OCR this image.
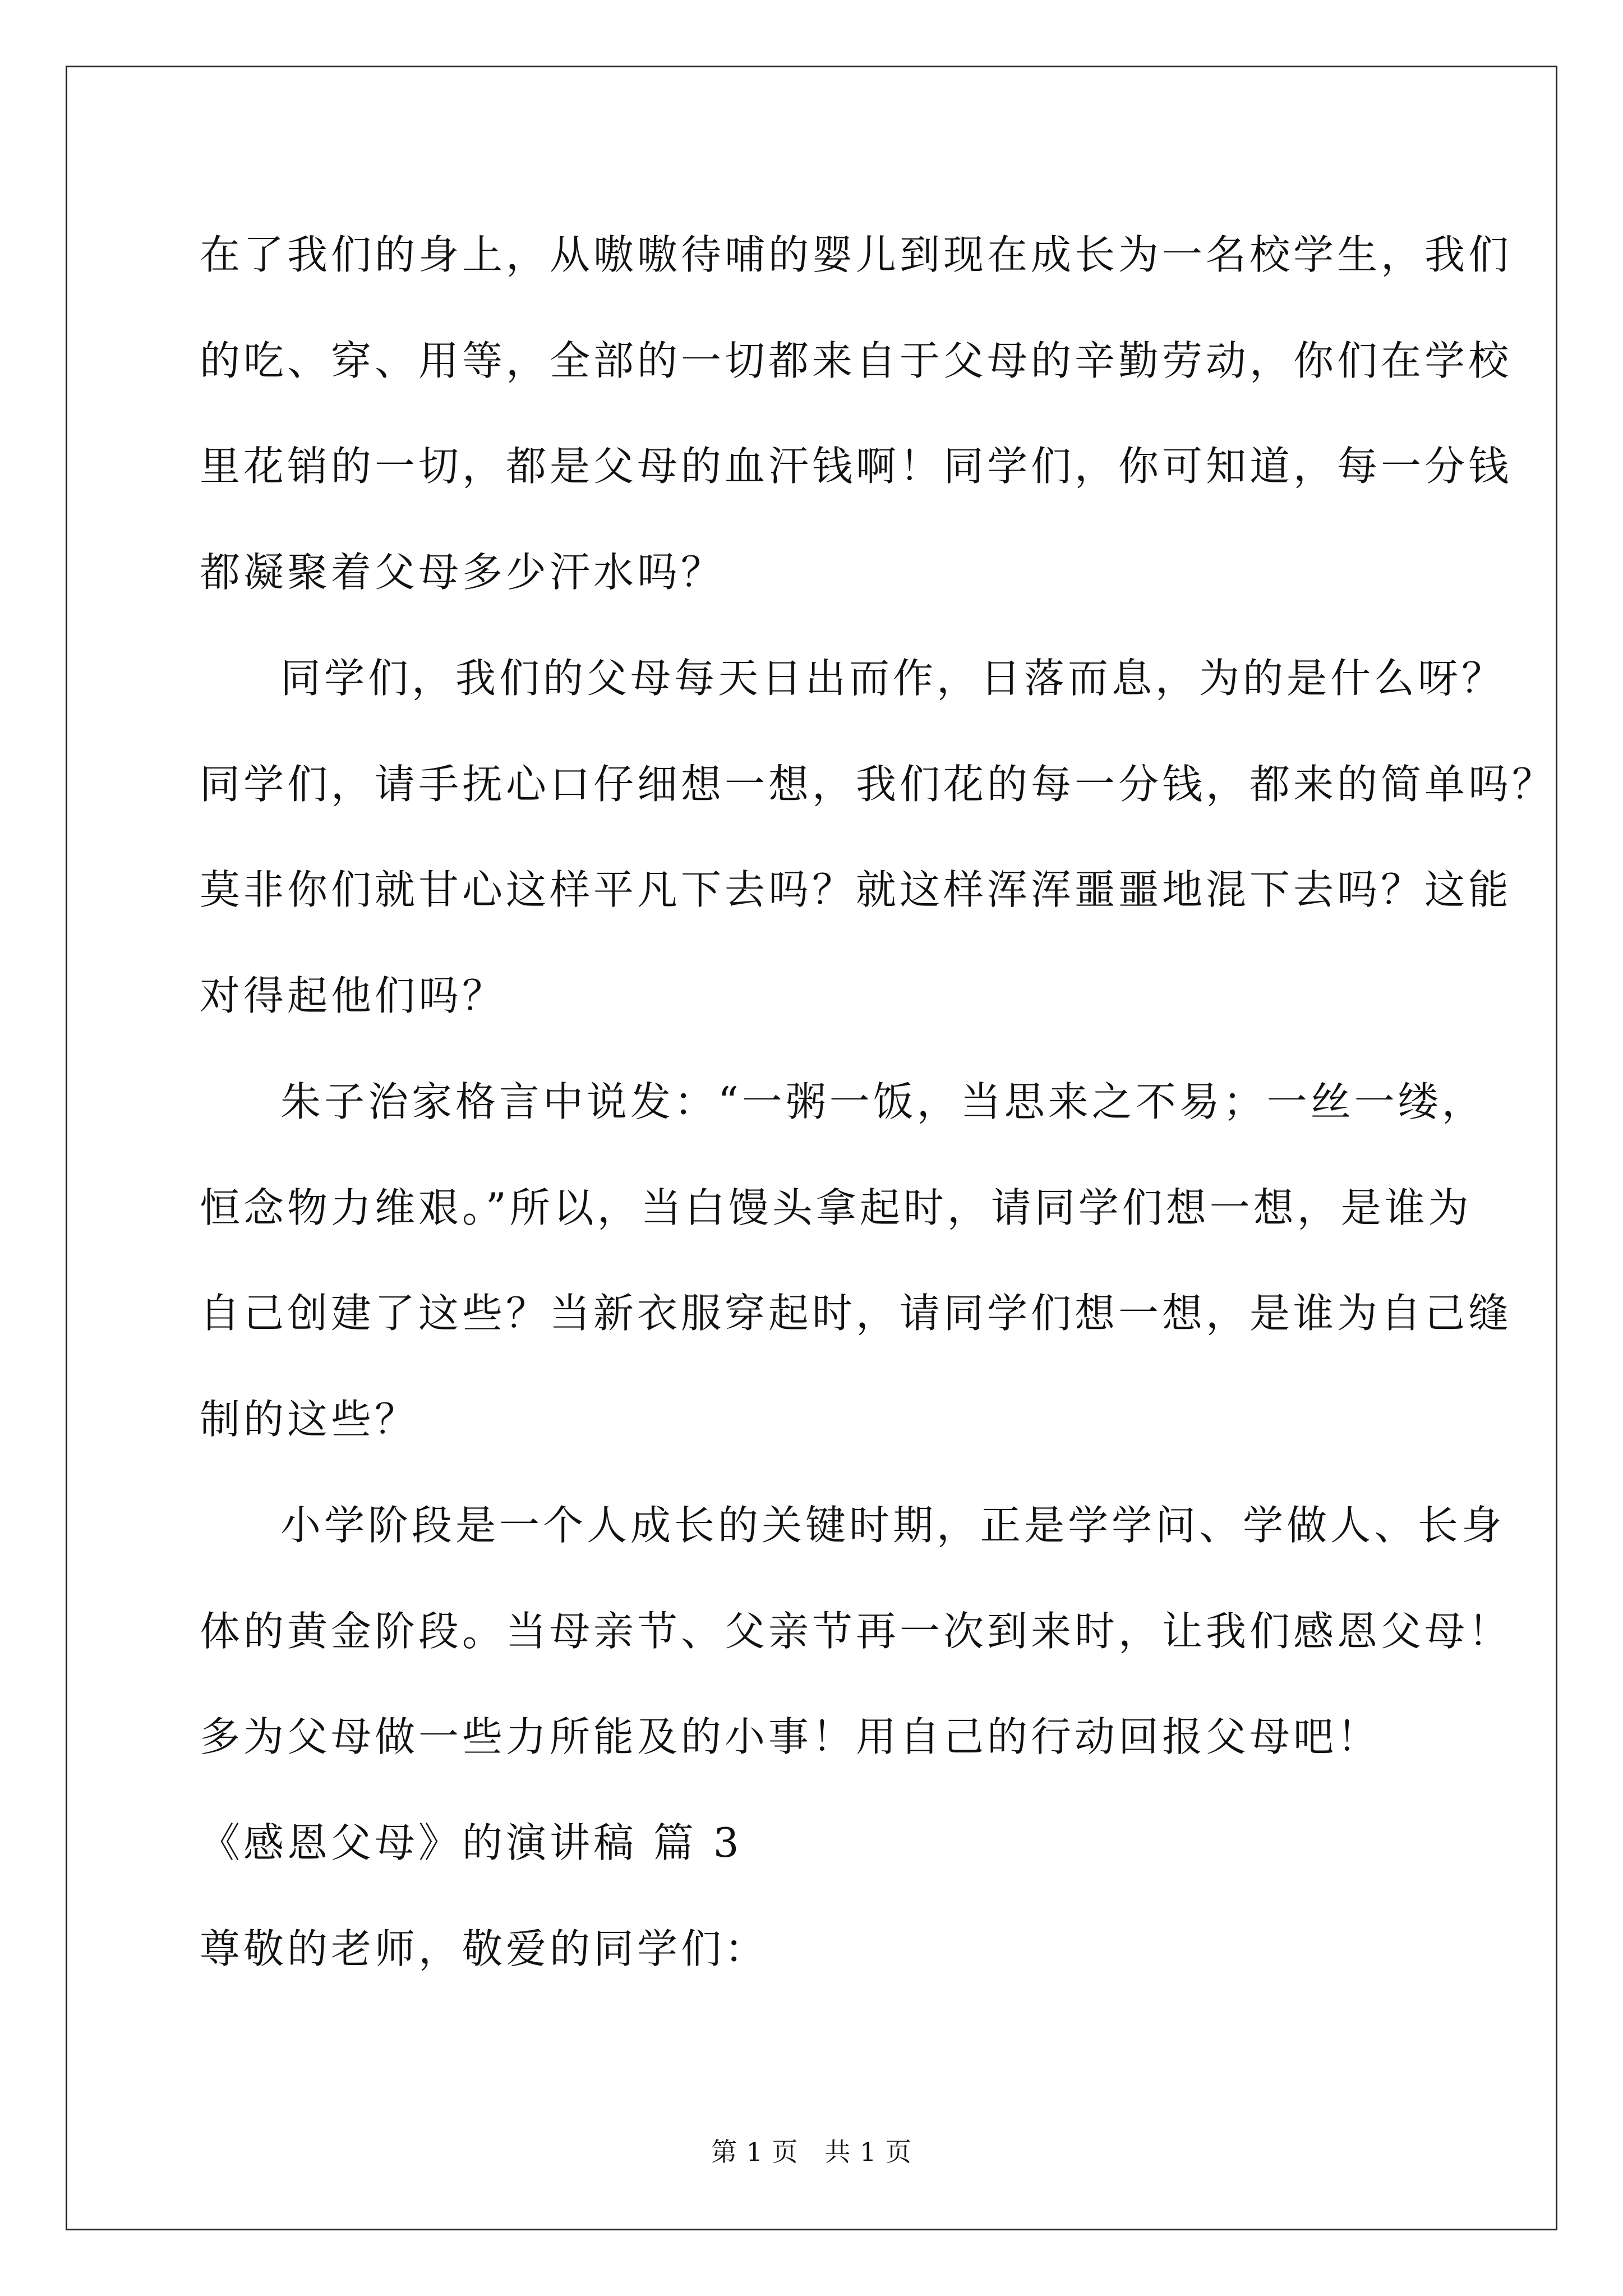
在了我们的身上，从嗷嗷待哺的婴儿到现在成长为一名校学生，我们
的吃、穿、用等，全部的一切都来自于父母的辛勤劳动，你们在学校
里花销的一切，都是父母的血汗钱啊！同学们，你可知道，每一分钱
都凝聚着父母多少汗水吗？
同学们，我们的父母每天日出而作，日落而息，为的是什么呀？
同学们，请手抚心口仔细想一想，我们花的每一分钱，都来的简单吗？
莫非你们就甘心这样平凡下去吗？就这样浑浑噩噩地混下去吗？这能
对得起他们吗？
朱子治家格言中说发：“一粥一饭，当思来之不易；一丝一缕，
恒念物力维艰。”所以，当白馒头拿起时，请同学们想一想，是谁为
自己创建了这些？当新衣服穿起时，请同学们想一想，是谁为自己缝
制的这些？
小学阶段是一个人成长的关键时期，正是学学问、学做人、长身
体的黄金阶段。当母亲节、父亲节再一次到来时，让我们感恩父母！
多为父母做一些力所能及的小事！用自己的行动回报父母吧！
《感恩父母》的演讲稿 篇 3
尊敬的老师，敬爱的同学们：
第 1 页　共 1 页
